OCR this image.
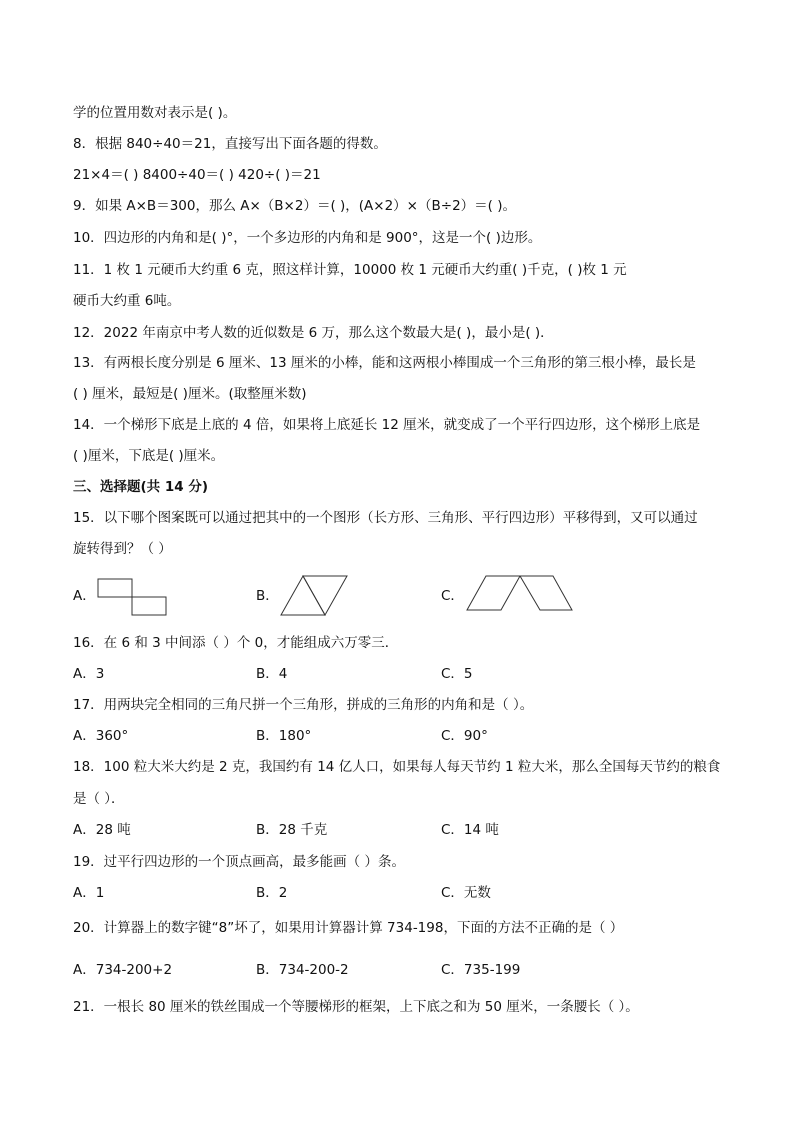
学的位置用数对表示是( )。
8．根据 840÷40＝21，直接写出下面各题的得数。
21×4＝( ) 8400÷40＝( ) 420÷( )＝21
9．如果 A×B＝300，那么 A×（B×2）＝( )，(A×2）×（B÷2）＝( )。
10．四边形的内角和是( )°，一个多边形的内角和是 900°，这是一个( )边形。
11．1 枚 1 元硬币大约重 6 克，照这样计算，10000 枚 1 元硬币大约重( )千克，( )枚 1 元
硬币大约重 6吨。
12．2022 年南京中考人数的近似数是 6 万，那么这个数最大是( )，最小是( )．
13．有两根长度分别是 6 厘米、13 厘米的小棒，能和这两根小棒围成一个三角形的第三根小棒，最长是
( ) 厘米，最短是( )厘米。(取整厘米数)
14．一个梯形下底是上底的 4 倍，如果将上底延长 12 厘米，就变成了一个平行四边形，这个梯形上底是
( )厘米，下底是( )厘米。
三、选择题(共 14 分)
15．以下哪个图案既可以通过把其中的一个图形（长方形、三角形、平行四边形）平移得到，又可以通过
旋转得到？（ ）
A．	B．	C．
16．在 6 和 3 中间添（ ）个 0，才能组成六万零三．
A．3	B．4	C．5
17．用两块完全相同的三角尺拼一个三角形，拼成的三角形的内角和是（ ）。
A．360°	B．180°	C．90°
18．100 粒大米大约是 2 克，我国约有 14 亿人口，如果每人每天节约 1 粒大米，那么全国每天节约的粮食
是（ ）．
A．28 吨	B．28 千克	C．14 吨
19．过平行四边形的一个顶点画高，最多能画（ ）条。
A．1	B．2	C．无数
20．计算器上的数字键“8”坏了，如果用计算器计算 734-198，下面的方法不正确的是（ ）
A．734-200+2	B．734-200-2	C．735-199
21．一根长 80 厘米的铁丝围成一个等腰梯形的框架，上下底之和为 50 厘米，一条腰长（ ）。
